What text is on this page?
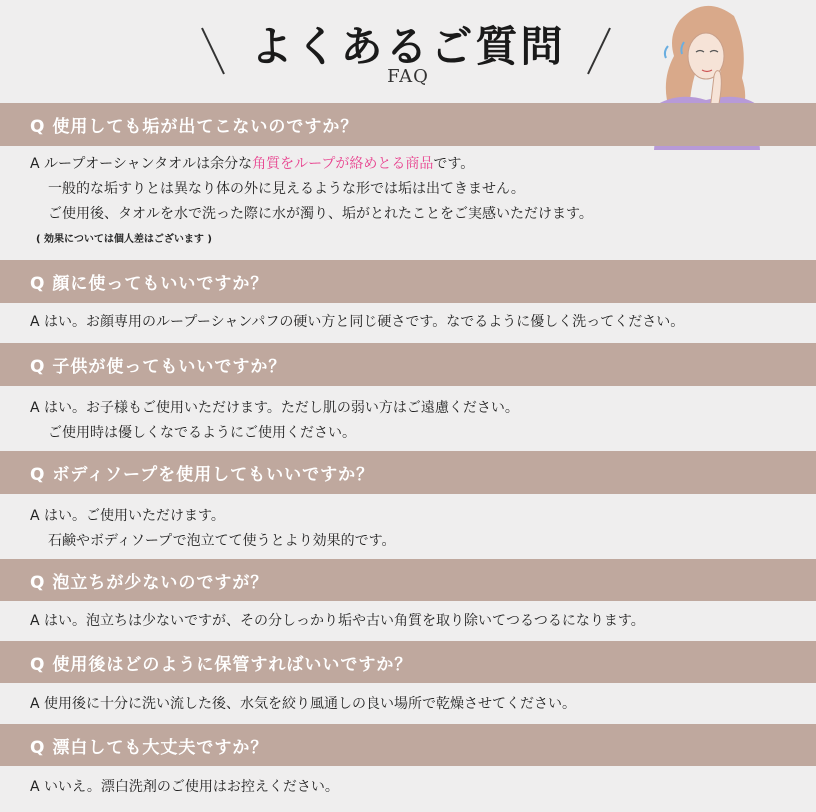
よくあるご質問
FAQ
Q 使用しても垢が出てこないのですか？
A ループオーシャンタオルは余分な角質をループが絡めとる商品です。
一般的な垢すりとは異なり体の外に見えるような形では垢は出てきません。
ご使用後、タオルを水で洗った際に水が濁り、垢がとれたことをご実感いただけます。
( 効果については個人差はございます )
Q 顔に使ってもいいですか？
A はい。お顔専用のループーシャンパフの硬い方と同じ硬さです。なでるように優しく洗ってください。
Q 子供が使ってもいいですか？
A はい。お子様もご使用いただけます。ただし肌の弱い方はご遠慮ください。
ご使用時は優しくなでるようにご使用ください。
Q ボディソープを使用してもいいですか？
A はい。ご使用いただけます。
石鹸やボディソープで泡立てて使うとより効果的です。
Q 泡立ちが少ないのですが？
A はい。泡立ちは少ないですが、その分しっかり垢や古い角質を取り除いてつるつるになります。
Q 使用後はどのように保管すればいいですか？
A 使用後に十分に洗い流した後、水気を絞り風通しの良い場所で乾燥させてください。
Q 漂白しても大丈夫ですか？
A いいえ。漂白洗剤のご使用はお控えください。
